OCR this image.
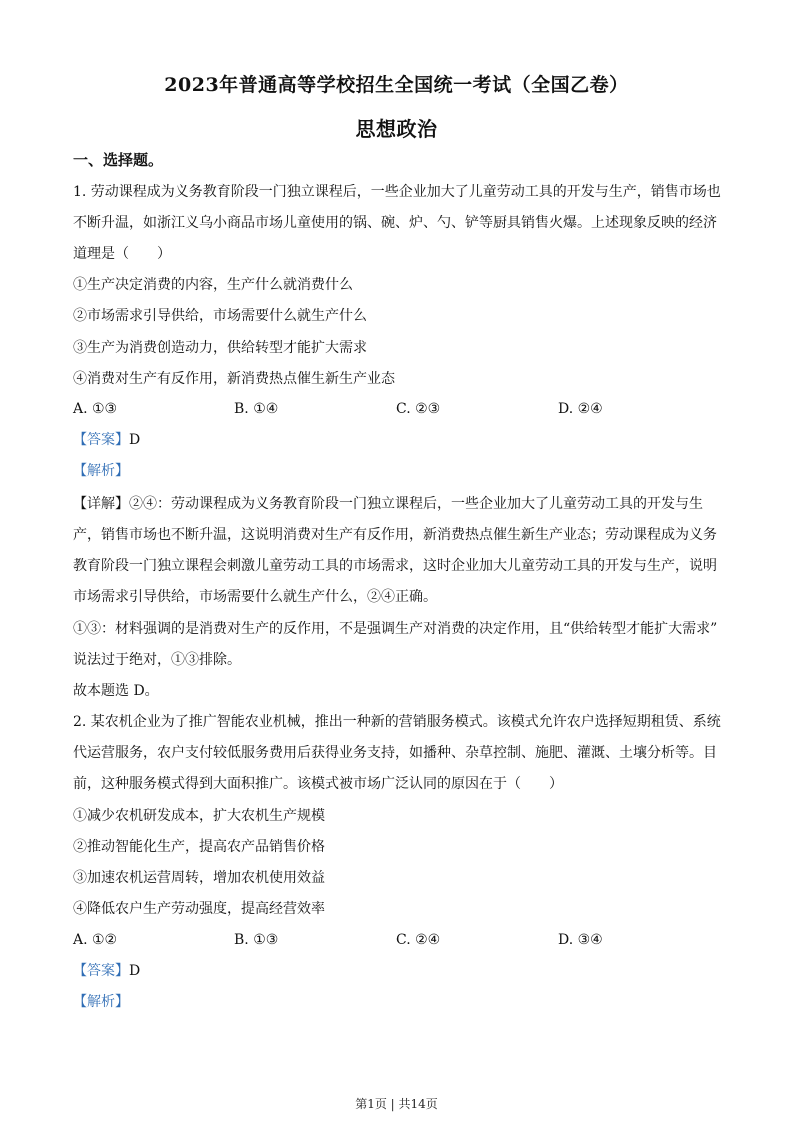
2023年普通高等学校招生全国统一考试（全国乙卷）
思想政治
一、选择题。
1. 劳动课程成为义务教育阶段一门独立课程后，一些企业加大了儿童劳动工具的开发与生产，销售市场也
不断升温，如浙江义乌小商品市场儿童使用的锅、碗、炉、勺、铲等厨具销售火爆。上述现象反映的经济
道理是（　　）
①生产决定消费的内容，生产什么就消费什么
②市场需求引导供给，市场需要什么就生产什么
③生产为消费创造动力，供给转型才能扩大需求
④消费对生产有反作用，新消费热点催生新生产业态
A. ①③	B. ①④	C. ②③	D. ②④
【答案】D
【解析】
【详解】②④：劳动课程成为义务教育阶段一门独立课程后，一些企业加大了儿童劳动工具的开发与生
产，销售市场也不断升温，这说明消费对生产有反作用，新消费热点催生新生产业态；劳动课程成为义务
教育阶段一门独立课程会刺激儿童劳动工具的市场需求，这时企业加大儿童劳动工具的开发与生产，说明
市场需求引导供给，市场需要什么就生产什么，②④正确。
①③：材料强调的是消费对生产的反作用，不是强调生产对消费的决定作用，且“供给转型才能扩大需求”
说法过于绝对，①③排除。
故本题选 D。
2. 某农机企业为了推广智能农业机械，推出一种新的营销服务模式。该模式允许农户选择短期租赁、系统
代运营服务，农户支付较低服务费用后获得业务支持，如播种、杂草控制、施肥、灌溉、土壤分析等。目
前，这种服务模式得到大面积推广。该模式被市场广泛认同的原因在于（　　）
①减少农机研发成本，扩大农机生产规模
②推动智能化生产，提高农产品销售价格
③加速农机运营周转，增加农机使用效益
④降低农户生产劳动强度，提高经营效率
A. ①②	B. ①③	C. ②④	D. ③④
【答案】D
【解析】
第1页 | 共14页
